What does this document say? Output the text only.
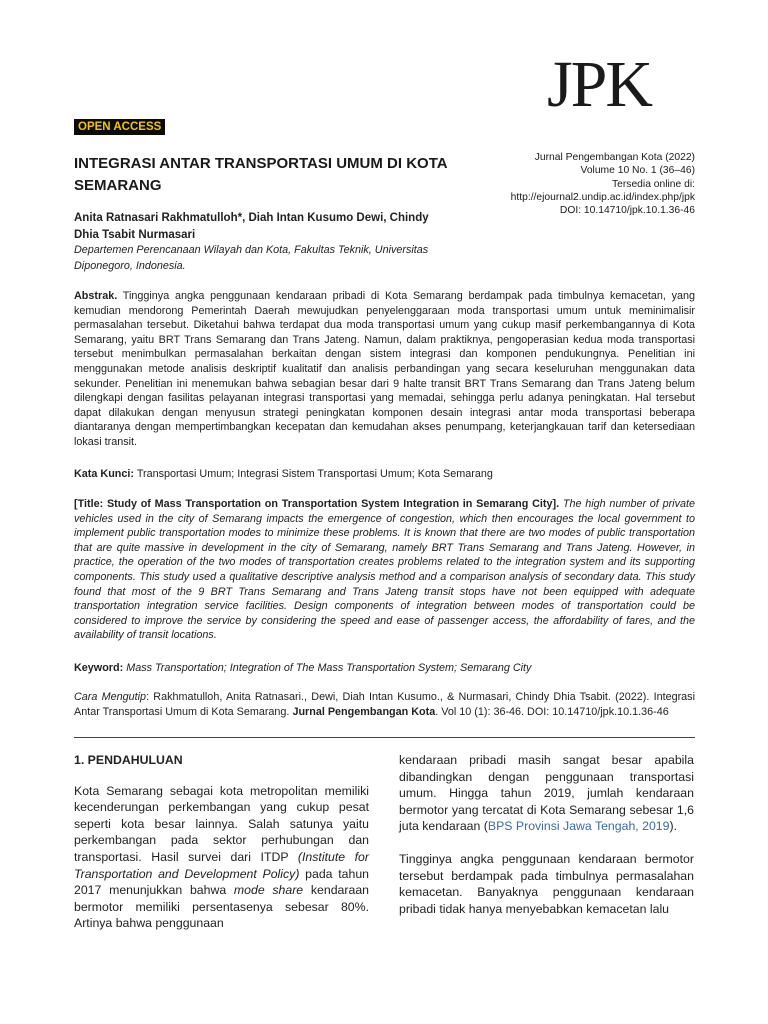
JPK
OPEN ACCESS
INTEGRASI ANTAR TRANSPORTASI UMUM DI KOTA SEMARANG
Jurnal Pengembangan Kota (2022)
Volume 10 No. 1 (36–46)
Tersedia online di:
http://ejournal2.undip.ac.id/index.php/jpk
DOI: 10.14710/jpk.10.1.36-46
Anita Ratnasari Rakhmatulloh*, Diah Intan Kusumo Dewi, Chindy Dhia Tsabit Nurmasari
Departemen Perencanaan Wilayah dan Kota, Fakultas Teknik, Universitas Diponegoro, Indonesia.
Abstrak. Tingginya angka penggunaan kendaraan pribadi di Kota Semarang berdampak pada timbulnya kemacetan, yang kemudian mendorong Pemerintah Daerah mewujudkan penyelenggaraan moda transportasi umum untuk meminimalisir permasalahan tersebut. Diketahui bahwa terdapat dua moda transportasi umum yang cukup masif perkembangannya di Kota Semarang, yaitu BRT Trans Semarang dan Trans Jateng. Namun, dalam praktiknya, pengoperasian kedua moda transportasi tersebut menimbulkan permasalahan berkaitan dengan sistem integrasi dan komponen pendukungnya. Penelitian ini menggunakan metode analisis deskriptif kualitatif dan analisis perbandingan yang secara keseluruhan menggunakan data sekunder. Penelitian ini menemukan bahwa sebagian besar dari 9 halte transit BRT Trans Semarang dan Trans Jateng belum dilengkapi dengan fasilitas pelayanan integrasi transportasi yang memadai, sehingga perlu adanya peningkatan. Hal tersebut dapat dilakukan dengan menyusun strategi peningkatan komponen desain integrasi antar moda transportasi beberapa diantaranya dengan mempertimbangkan kecepatan dan kemudahan akses penumpang, keterjangkauan tarif dan ketersediaan lokasi transit.
Kata Kunci: Transportasi Umum; Integrasi Sistem Transportasi Umum; Kota Semarang
[Title: Study of Mass Transportation on Transportation System Integration in Semarang City]. The high number of private vehicles used in the city of Semarang impacts the emergence of congestion, which then encourages the local government to implement public transportation modes to minimize these problems. It is known that there are two modes of public transportation that are quite massive in development in the city of Semarang, namely BRT Trans Semarang and Trans Jateng. However, in practice, the operation of the two modes of transportation creates problems related to the integration system and its supporting components. This study used a qualitative descriptive analysis method and a comparison analysis of secondary data. This study found that most of the 9 BRT Trans Semarang and Trans Jateng transit stops have not been equipped with adequate transportation integration service facilities. Design components of integration between modes of transportation could be considered to improve the service by considering the speed and ease of passenger access, the affordability of fares, and the availability of transit locations.
Keyword: Mass Transportation; Integration of The Mass Transportation System; Semarang City
Cara Mengutip: Rakhmatulloh, Anita Ratnasari., Dewi, Diah Intan Kusumo., & Nurmasari, Chindy Dhia Tsabit. (2022). Integrasi Antar Transportasi Umum di Kota Semarang. Jurnal Pengembangan Kota. Vol 10 (1): 36-46. DOI: 10.14710/jpk.10.1.36-46
1. PENDAHULUAN

Kota Semarang sebagai kota metropolitan memiliki kecenderungan perkembangan yang cukup pesat seperti kota besar lainnya. Salah satunya yaitu perkembangan pada sektor perhubungan dan transportasi. Hasil survei dari ITDP (Institute for Transportation and Development Policy) pada tahun 2017 menunjukkan bahwa mode share kendaraan bermotor memiliki persentasenya sebesar 80%. Artinya bahwa penggunaan

kendaraan pribadi masih sangat besar apabila dibandingkan dengan penggunaan transportasi umum. Hingga tahun 2019, jumlah kendaraan bermotor yang tercatat di Kota Semarang sebesar 1,6 juta kendaraan (BPS Provinsi Jawa Tengah, 2019).

Tingginya angka penggunaan kendaraan bermotor tersebut berdampak pada timbulnya permasalahan kemacetan. Banyaknya penggunaan kendaraan pribadi tidak hanya menyebabkan kemacetan lalu
